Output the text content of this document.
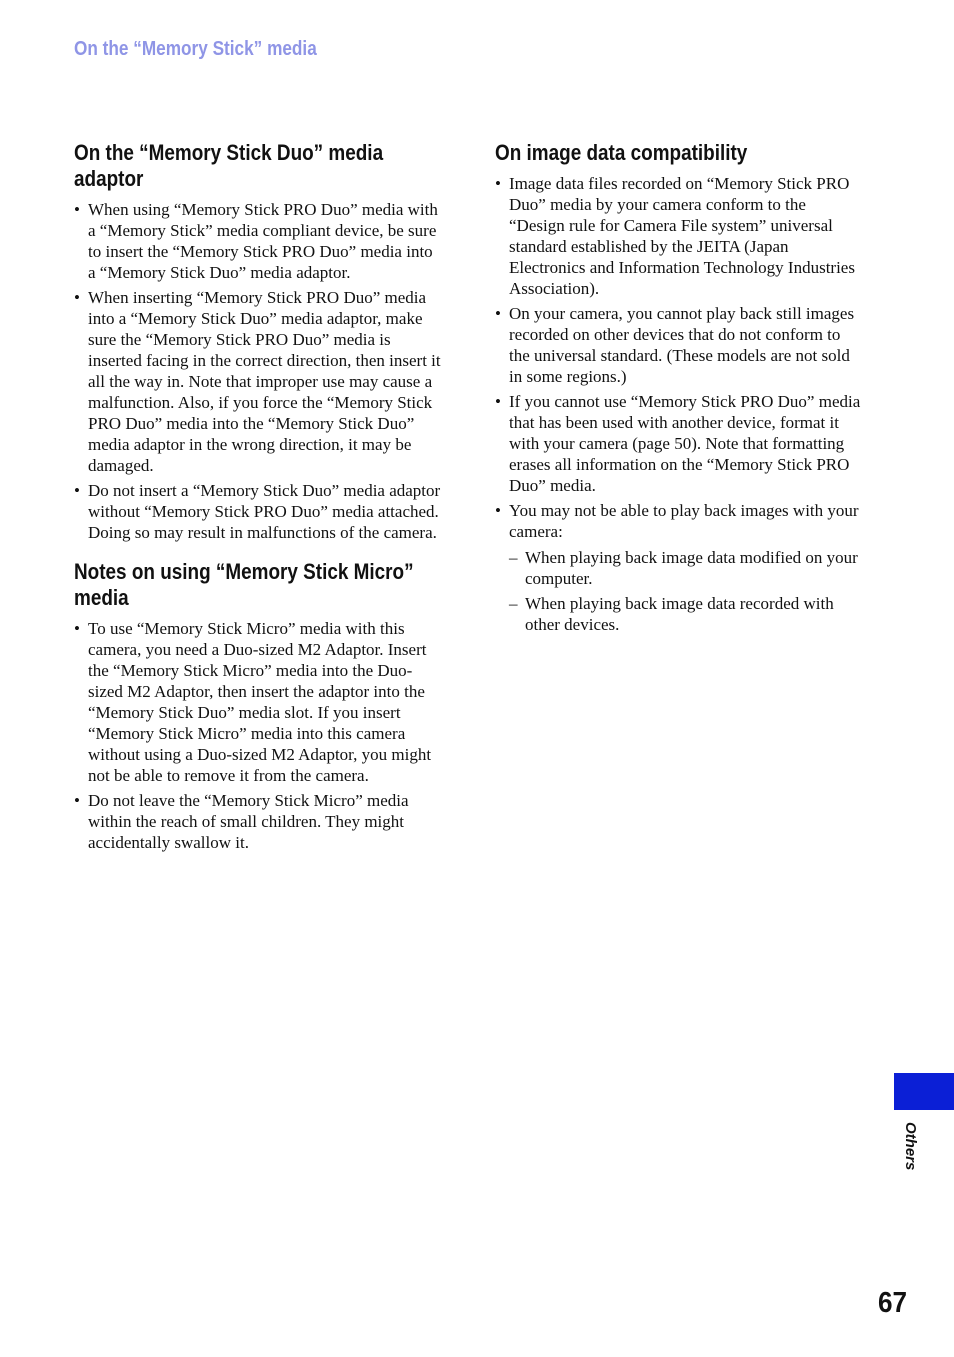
On the “Memory Stick” media
On the “Memory Stick Duo” media adaptor
• When using “Memory Stick PRO Duo” media with a “Memory Stick” media compliant device, be sure to insert the “Memory Stick PRO Duo” media into a “Memory Stick Duo” media adaptor.
• When inserting “Memory Stick PRO Duo” media into a “Memory Stick Duo” media adaptor, make sure the “Memory Stick PRO Duo” media is inserted facing in the correct direction, then insert it all the way in. Note that improper use may cause a malfunction. Also, if you force the “Memory Stick PRO Duo” media into the “Memory Stick Duo” media adaptor in the wrong direction, it may be damaged.
• Do not insert a “Memory Stick Duo” media adaptor without “Memory Stick PRO Duo” media attached. Doing so may result in malfunctions of the camera.
Notes on using “Memory Stick Micro” media
• To use “Memory Stick Micro” media with this camera, you need a Duo-sized M2 Adaptor. Insert the “Memory Stick Micro” media into the Duo-sized M2 Adaptor, then insert the adaptor into the “Memory Stick Duo” media slot. If you insert “Memory Stick Micro” media into this camera without using a Duo-sized M2 Adaptor, you might not be able to remove it from the camera.
• Do not leave the “Memory Stick Micro” media within the reach of small children. They might accidentally swallow it.
On image data compatibility
• Image data files recorded on “Memory Stick PRO Duo” media by your camera conform to the “Design rule for Camera File system” universal standard established by the JEITA (Japan Electronics and Information Technology Industries Association).
• On your camera, you cannot play back still images recorded on other devices that do not conform to the universal standard. (These models are not sold in some regions.)
• If you cannot use “Memory Stick PRO Duo” media that has been used with another device, format it with your camera (page 50). Note that formatting erases all information on the “Memory Stick PRO Duo” media.
• You may not be able to play back images with your camera:
– When playing back image data modified on your computer.
– When playing back image data recorded with other devices.
Others
67
